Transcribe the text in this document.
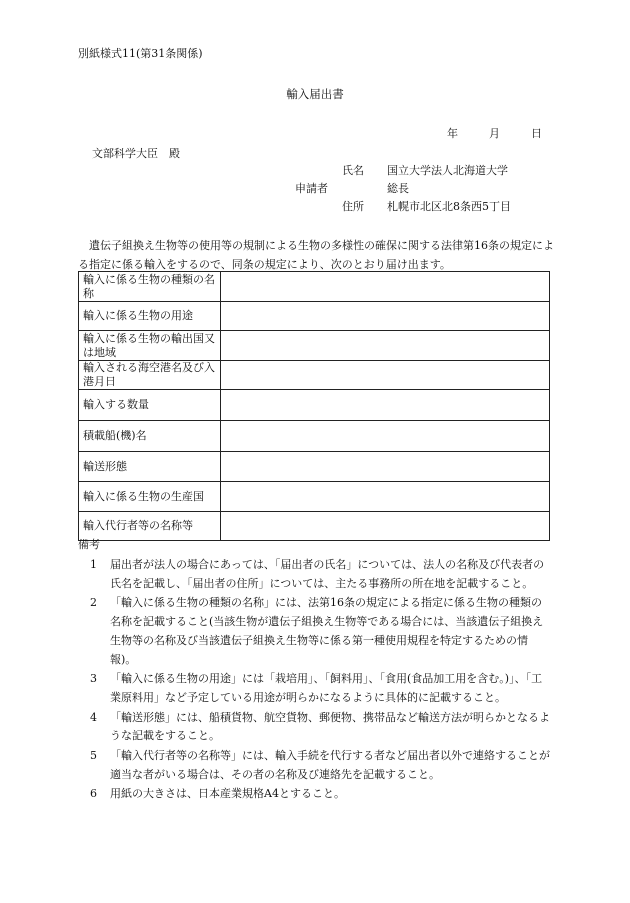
別紙様式11(第31条関係)
輸入届出書
年	月	日
文部科学大臣　殿
氏名 国立大学法人北海道大学
申請者	総長
住所 札幌市北区北8条西5丁目
遺伝子組換え生物等の使用等の規制による生物の多様性の確保に関する法律第16条の規定による指定に係る輸入をするので、同条の規定により、次のとおり届け出ます。
輸入に係る生物の種類の名称	
輸入に係る生物の用途	
輸入に係る生物の輸出国又は地域	
輸入される海空港名及び入港月日	
輸入する数量	
積載船(機)名	
輸送形態	
輸入に係る生物の生産国	
輸入代行者等の名称等	
備考
1 届出者が法人の場合にあっては、「届出者の氏名」については、法人の名称及び代表者の氏名を記載し、「届出者の住所」については、主たる事務所の所在地を記載すること。
2 「輸入に係る生物の種類の名称」には、法第16条の規定による指定に係る生物の種類の名称を記載すること(当該生物が遺伝子組換え生物等である場合には、当該遺伝子組換え生物等の名称及び当該遺伝子組換え生物等に係る第一種使用規程を特定するための情報)。
3 「輸入に係る生物の用途」には「栽培用」、「飼料用」、「食用(食品加工用を含む。)」、「工業原料用」など予定している用途が明らかになるように具体的に記載すること。
4 「輸送形態」には、船積貨物、航空貨物、郵便物、携帯品など輸送方法が明らかとなるような記載をすること。
5 「輸入代行者等の名称等」には、輸入手続を代行する者など届出者以外で連絡することが適当な者がいる場合は、その者の名称及び連絡先を記載すること。
6 用紙の大きさは、日本産業規格A4とすること。
